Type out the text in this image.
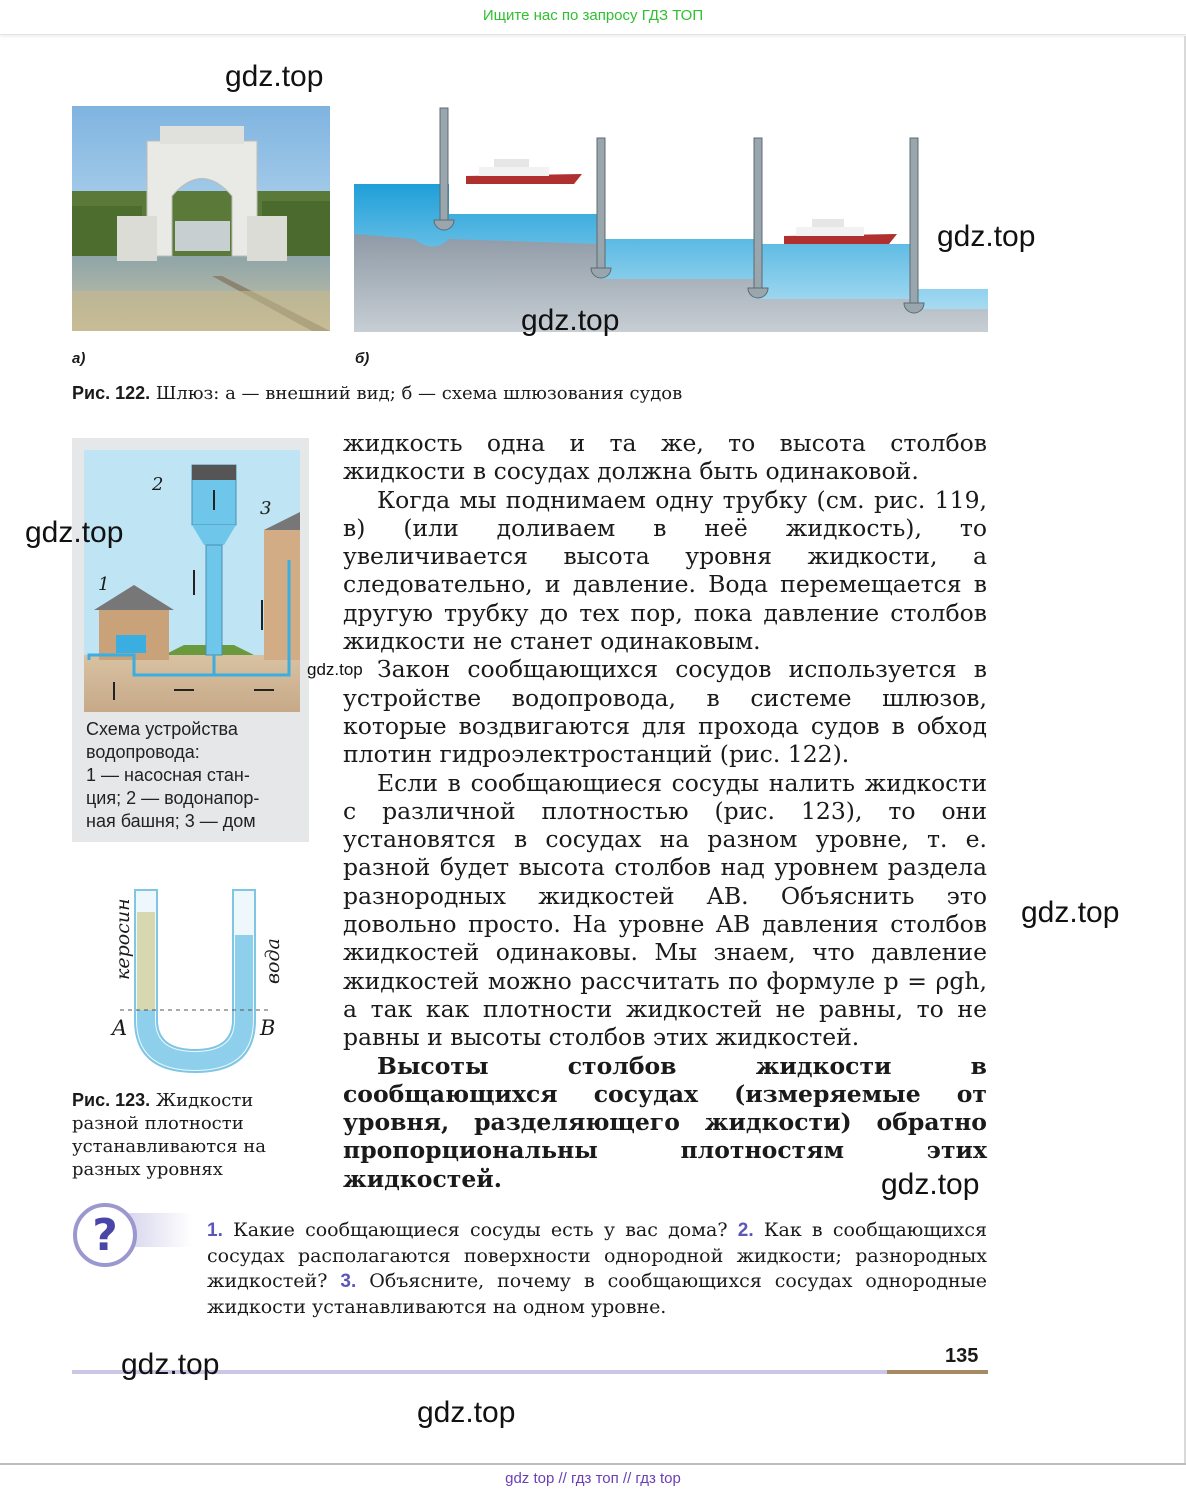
Ищите нас по запросу ГДЗ ТОП
а)	б)
Рис. 122. Шлюз: а — внешний вид; б — схема шлюзования судов
2
3
1
Схема устройства
водопровода:
1 — насосная стан-
ция; 2 — водонапор-
ная башня; 3 — дом
керосин	вода
A	B
Рис. 123. Жидкости разной плотности устанавливаются на разных уровнях

жидкость одна и та же, то высота столбов жидкости в сосудах должна быть одинаковой.

Когда мы поднимаем одну трубку (см. рис. 119, в) (или доливаем в неё жидкость), то увеличивается высота уровня жидкости, а следовательно, и давление. Вода перемещается в другую трубку до тех пор, пока давление столбов жидкости не станет одинаковым.

Закон сообщающихся сосудов используется в устройстве водопровода, в системе шлюзов, которые воздвигаются для прохода судов в обход плотин гидроэлектростанций (рис. 122).

Если в сообщающиеся сосуды налить жидкости с различной плотностью (рис. 123), то они установятся в сосудах на разном уровне, т. е. разной будет высота столбов над уровнем раздела разнородных жидкостей AB. Объяснить это довольно просто. На уровне AB давления столбов жидкостей одинаковы. Мы знаем, что давление жидкостей можно рассчитать по формуле p = ρgh, а так как плотности жидкостей не равны, то не равны и высоты столбов этих жидкостей.

Высоты столбов жидкости в сообщающихся сосудах (измеряемые от уровня, разделяющего жидкости) обратно пропорциональны плотностям этих жидкостей.

?	1. Какие сообщающиеся сосуды есть у вас дома? 2. Как в сообщающихся сосудах располагаются поверхности однородной жидкости; разнородных жидкостей? 3. Объясните, почему в сообщающихся сосудах однородные жидкости устанавливаются на одном уровне.
135
gdz.top
gdz.top
gdz.top
gdz.top
gdz.top
gdz.top
gdz.top
gdz.top
gdz.top
gdz top // гдз топ // гдз top
